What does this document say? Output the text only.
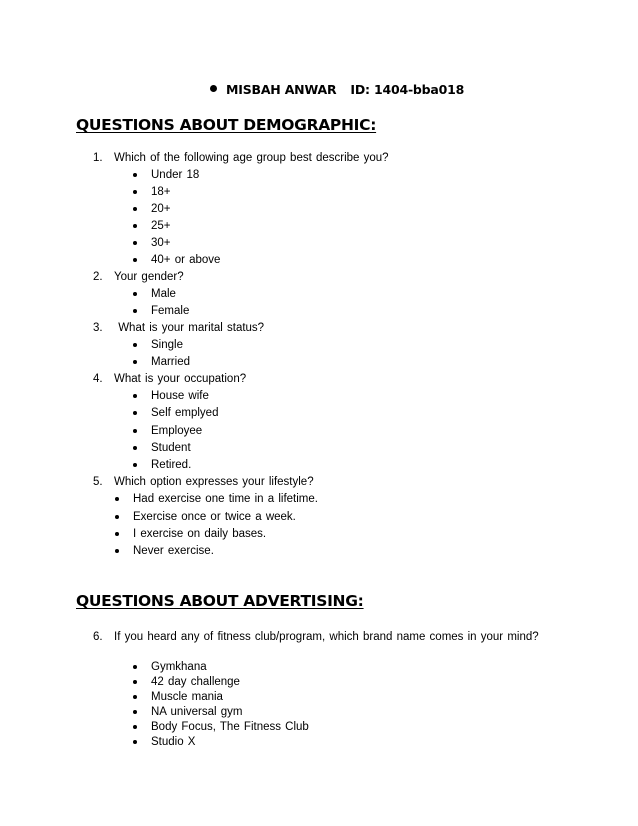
MISBAH ANWAR ID: 1404-bba018
QUESTIONS ABOUT DEMOGRAPHIC:
1. Which of the following age group best describe you?
Under 18
18+
20+
25+
30+
40+ or above
2. Your gender?
Male
Female
3. What is your marital status?
Single
Married
4. What is your occupation?
House wife
Self emplyed
Employee
Student
Retired.
5. Which option expresses your lifestyle?
Had exercise one time in a lifetime.
Exercise once or twice a week.
I exercise on daily bases.
Never exercise.
QUESTIONS ABOUT ADVERTISING:
6. If you heard any of fitness club/program, which brand name comes in your mind?
Gymkhana
42 day challenge
Muscle mania
NA universal gym
Body Focus, The Fitness Club
Studio X
